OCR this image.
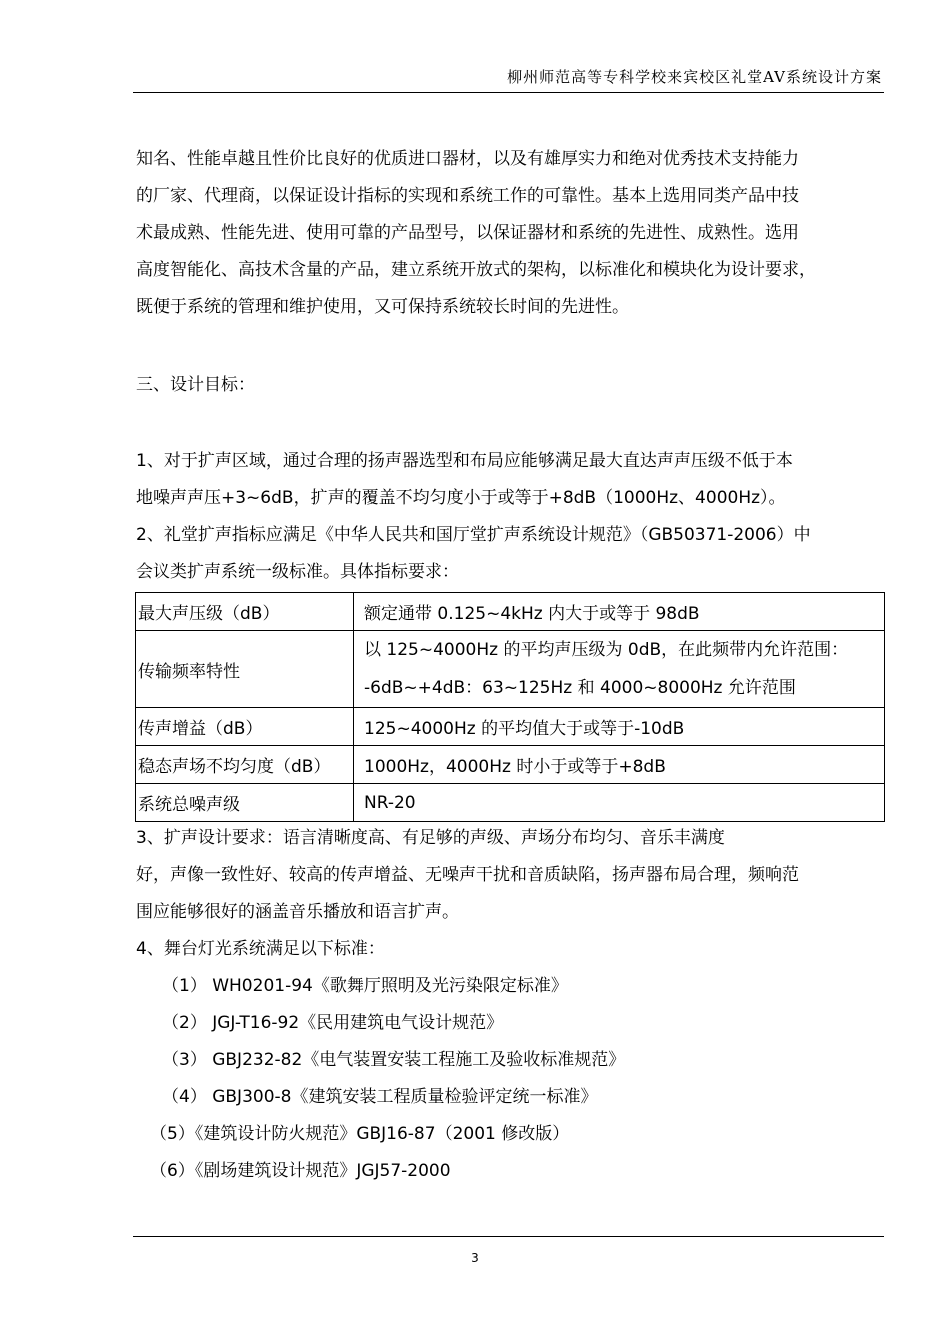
柳州师范高等专科学校来宾校区礼堂AV系统设计方案

知名、性能卓越且性价比良好的优质进口器材，以及有雄厚实力和绝对优秀技术支持能力

的厂家、代理商，以保证设计指标的实现和系统工作的可靠性。基本上选用同类产品中技

术最成熟、性能先进、使用可靠的产品型号，以保证器材和系统的先进性、成熟性。选用

高度智能化、高技术含量的产品，建立系统开放式的架构，以标准化和模块化为设计要求，

既便于系统的管理和维护使用，又可保持系统较长时间的先进性。

三、设计目标：

1、对于扩声区域，通过合理的扬声器选型和布局应能够满足最大直达声声压级不低于本

地噪声声压+3~6dB，扩声的覆盖不均匀度小于或等于+8dB（1000Hz、4000Hz）。

2、礼堂扩声指标应满足《中华人民共和国厅堂扩声系统设计规范》（GB50371-2006）中

会议类扩声系统一级标准。具体指标要求：

最大声压级（dB）	额定通带 0.125~4kHz 内大于或等于 98dB
传输频率特性	以 125~4000Hz 的平均声压级为 0dB，在此频带内允许范围：
-6dB~+4dB：63~125Hz 和 4000~8000Hz 允许范围

传声增益（dB）	125~4000Hz 的平均值大于或等于-10dB
稳态声场不均匀度（dB）	1000Hz，4000Hz 时小于或等于+8dB
系统总噪声级	NR-20

3、扩声设计要求：语言清晰度高、有足够的声级、声场分布均匀、音乐丰满度

好，声像一致性好、较高的传声增益、无噪声干扰和音质缺陷，扬声器布局合理，频响范

围应能够很好的涵盖音乐播放和语言扩声。

4、舞台灯光系统满足以下标准：

（1） WH0201-94《歌舞厅照明及光污染限定标准》
（2） JGJ-T16-92《民用建筑电气设计规范》
（3） GBJ232-82《电气装置安装工程施工及验收标准规范》
（4） GBJ300-8《建筑安装工程质量检验评定统一标准》
（5）《建筑设计防火规范》GBJ16-87（2001 修改版）
（6）《剧场建筑设计规范》JGJ57-2000
3
